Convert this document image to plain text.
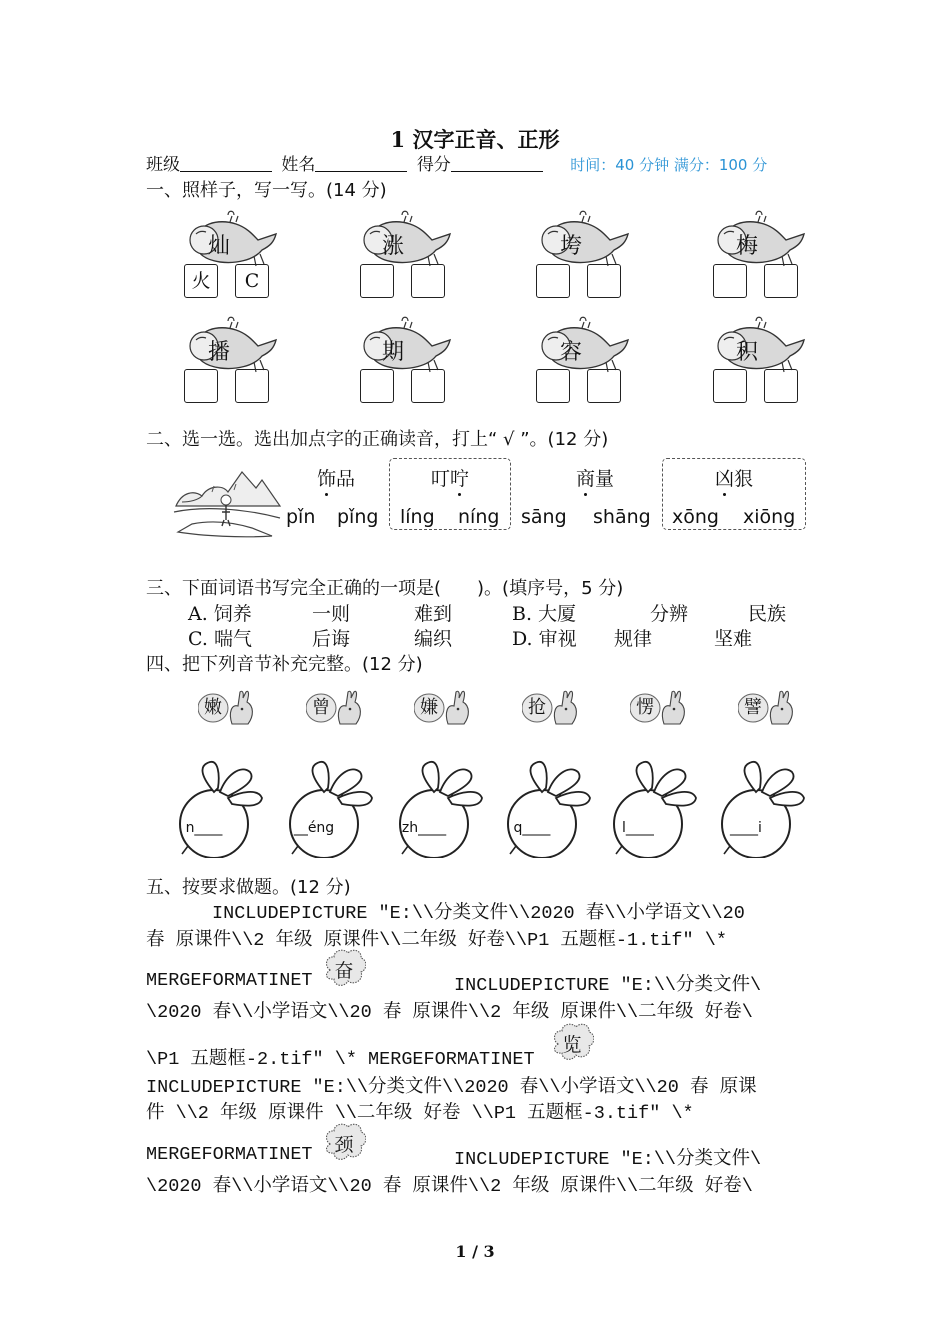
1 汉字正音、正形
班级	姓名	得分	时间：40 分钟 满分：100 分
一、照样子，写一写。(14 分)
灿	涨	垮	梅
火	C
播	期	容	积
二、选一选。选出加点字的正确读音，打上“ √ ”。(12 分)
饰品
pǐn pǐng
叮咛
líng níng
商量
sāng shāng
凶狠
xōng xiōng
三、下面词语书写完全正确的一项是(　　)。(填序号，5 分)
A. 饲养	一则	难到	B. 大厦	分辨	民族
C. 喘气	后诲	编织	D. 审视 规律	坚难
四、把下列音节补充完整。(12 分)
嫩	曾	嫌	抢	愣	譬
n____	__éng	zh____	q____	l____	____i
五、按要求做题。(12 分)
INCLUDEPICTURE "E:\\分类文件\\2020 春\\小学语文\\20
春 原课件\\2 年级 原课件\\二年级 好卷\\P1 五题框-1.tif" \*
MERGEFORMATINET	奋
INCLUDEPICTURE "E:\\分类文件\
\2020 春\\小学语文\\20 春 原课件\\2 年级 原课件\\二年级 好卷\
\P1 五题框-2.tif" \* MERGEFORMATINET
览
INCLUDEPICTURE "E:\\分类文件\\2020 春\\小学语文\\20 春 原课
件 \\2 年级 原课件 \\二年级 好卷 \\P1 五题框-3.tif" \*
MERGEFORMATINET	颈
INCLUDEPICTURE "E:\\分类文件\
\2020 春\\小学语文\\20 春 原课件\\2 年级 原课件\\二年级 好卷\
1 / 3
